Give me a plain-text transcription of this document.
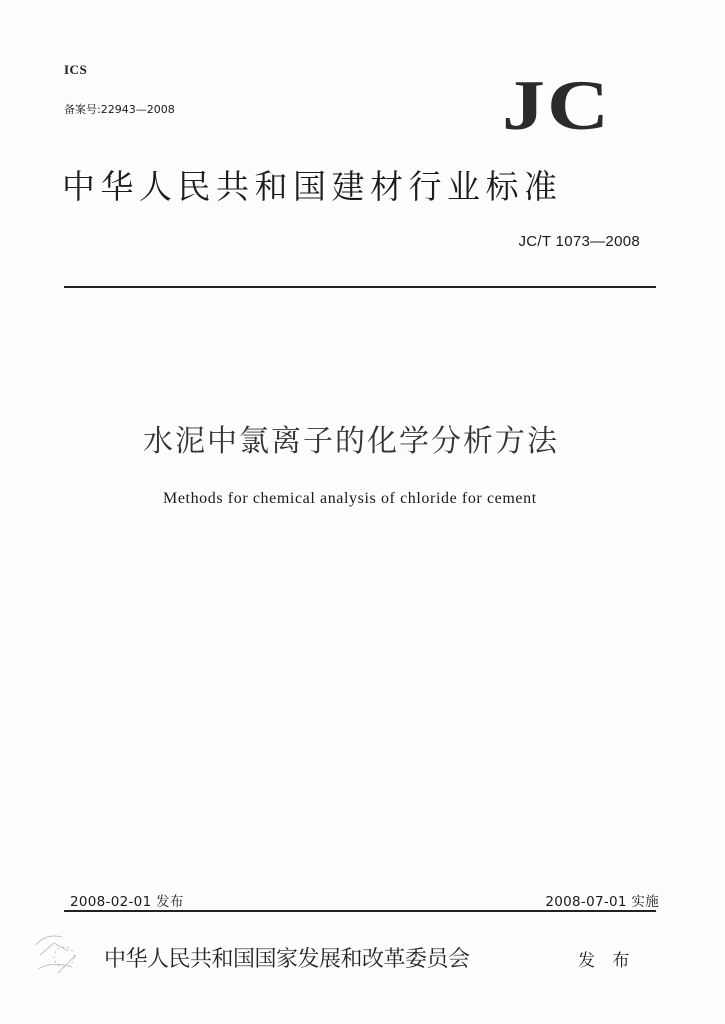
ICS
备案号:22943—2008	JC
中华人民共和国建材行业标准
JC/T 1073—2008
水泥中氯离子的化学分析方法
Methods for chemical analysis of chloride for cement
2008-02-01 发布	2008-07-01 实施
中华人民共和国国家发展和改革委员会	发 布
